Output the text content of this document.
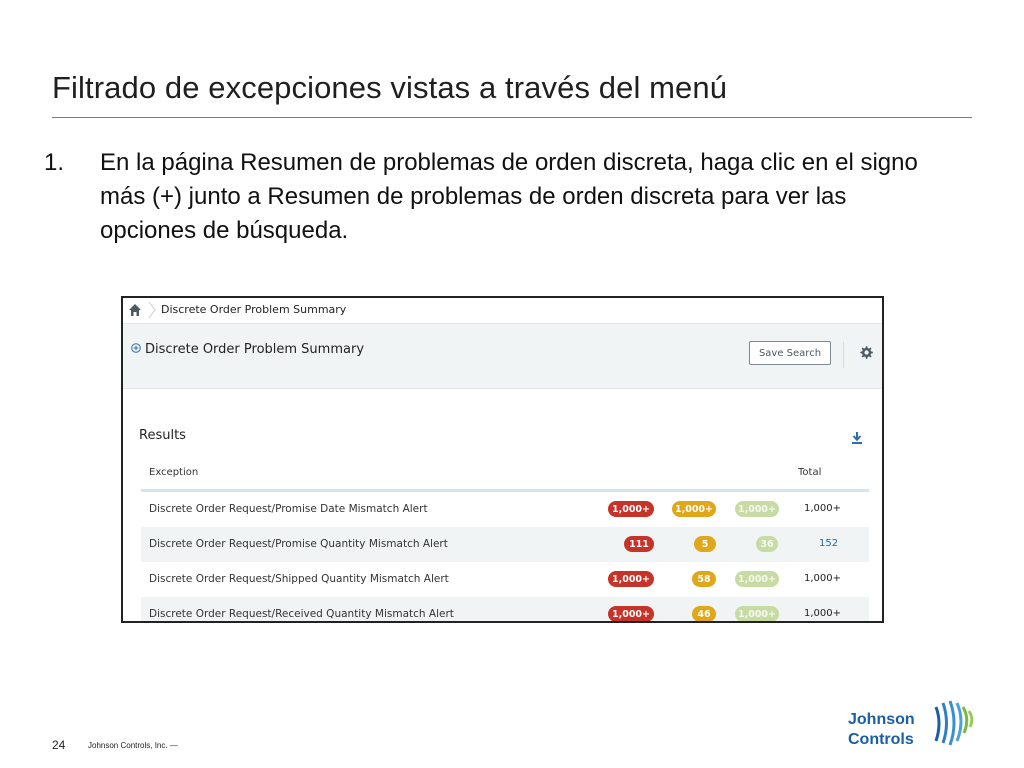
Filtrado de excepciones vistas a través del menú
1. En la página Resumen de problemas de orden discreta, haga clic en el signo más (+) junto a Resumen de problemas de orden discreta para ver las opciones de búsqueda.
Discrete Order Problem Summary
Discrete Order Problem Summary	Save Search
Results
Exception	Total
Discrete Order Request/Promise Date Mismatch Alert	1,000+	1,000+	1,000+	1,000+
Discrete Order Request/Promise Quantity Mismatch Alert	111	5	36	152
Discrete Order Request/Shipped Quantity Mismatch Alert	1,000+	58	1,000+	1,000+
Discrete Order Request/Received Quantity Mismatch Alert	1,000+	46	1,000+	1,000+
24	Johnson Controls, Inc. —
Johnson
Controls
